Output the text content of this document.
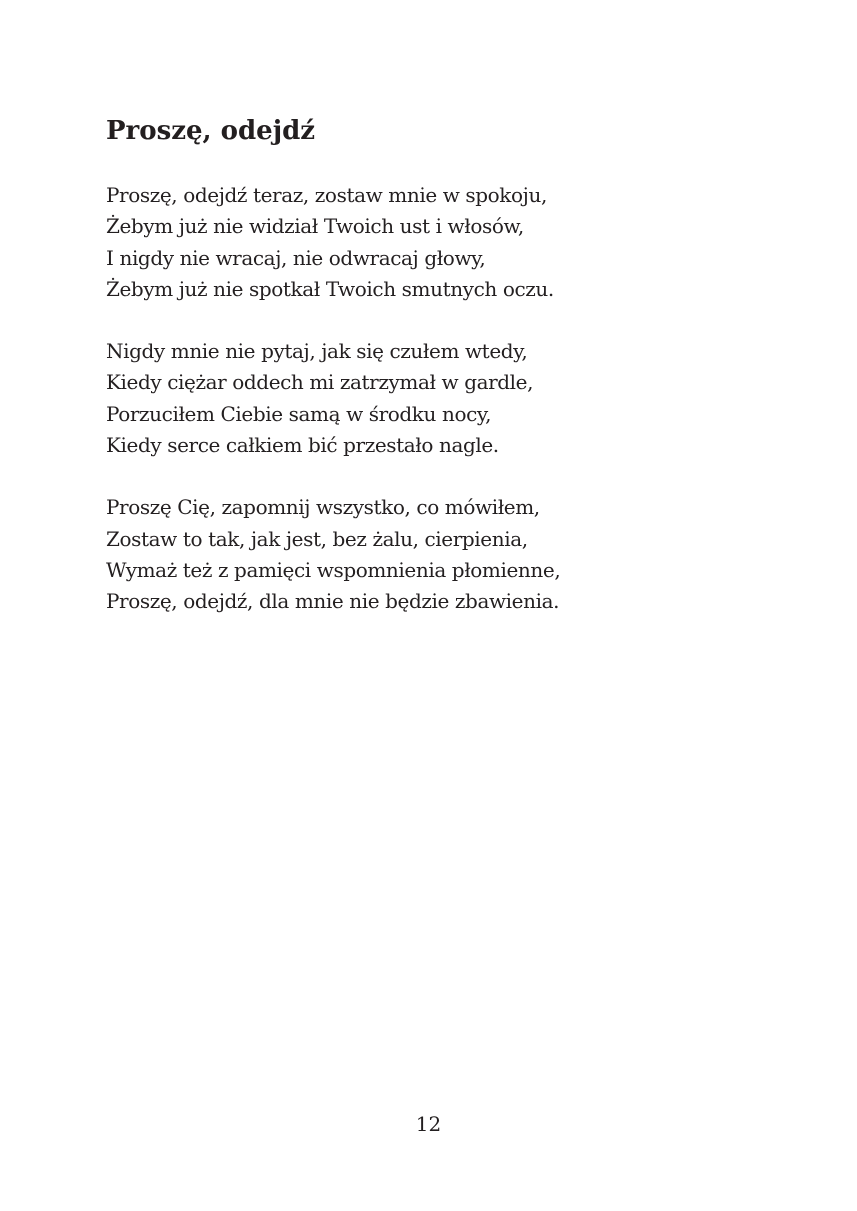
Proszę, odejdź

Proszę, odejdź teraz, zostaw mnie w spokoju,
Żebym już nie widział Twoich ust i włosów,
I nigdy nie wracaj, nie odwracaj głowy,
Żebym już nie spotkał Twoich smutnych oczu.

Nigdy mnie nie pytaj, jak się czułem wtedy,
Kiedy ciężar oddech mi zatrzymał w gardle,
Porzuciłem Ciebie samą w środku nocy,
Kiedy serce całkiem bić przestało nagle.

Proszę Cię, zapomnij wszystko, co mówiłem,
Zostaw to tak, jak jest, bez żalu, cierpienia,
Wymaż też z pamięci wspomnienia płomienne,
Proszę, odejdź, dla mnie nie będzie zbawienia.

12
